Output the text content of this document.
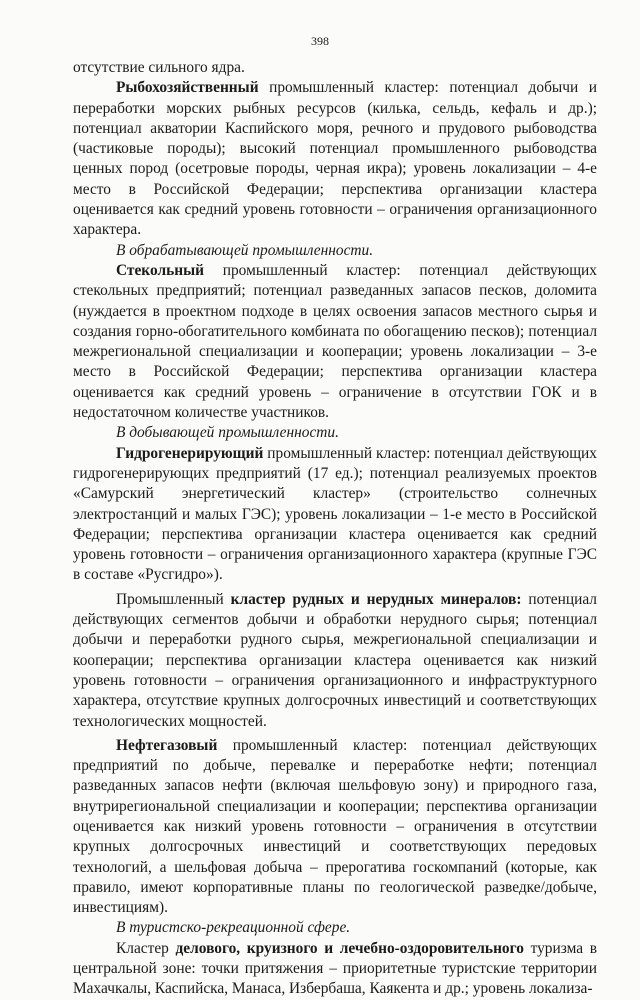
398

отсутствие сильного ядра.

Рыбохозяйственный промышленный кластер: потенциал добычи и переработки морских рыбных ресурсов (килька, сельдь, кефаль и др.); потенциал акватории Каспийского моря, речного и прудового рыбоводства (частиковые породы); высокий потенциал промышленного рыбоводства ценных пород (осетровые породы, черная икра); уровень локализации – 4-е место в Российской Федерации; перспектива организации кластера оценивается как средний уровень готовности – ограничения организационного характера.

В обрабатывающей промышленности.

Стекольный промышленный кластер: потенциал действующих стекольных предприятий; потенциал разведанных запасов песков, доломита (нуждается в проектном подходе в целях освоения запасов местного сырья и создания горно-обогатительного комбината по обогащению песков); потенциал межрегиональной специализации и кооперации; уровень локализации – 3-е место в Российской Федерации; перспектива организации кластера оценивается как средний уровень – ограничение в отсутствии ГОК и в недостаточном количестве участников.

В добывающей промышленности.

Гидрогенерирующий промышленный кластер: потенциал действующих гидрогенерирующих предприятий (17 ед.); потенциал реализуемых проектов «Самурский энергетический кластер» (строительство солнечных электростанций и малых ГЭС); уровень локализации – 1-е место в Российской Федерации; перспектива организации кластера оценивается как средний уровень готовности – ограничения организационного характера (крупные ГЭС в составе «Русгидро»).

Промышленный кластер рудных и нерудных минералов: потенциал действующих сегментов добычи и обработки нерудного сырья; потенциал добычи и переработки рудного сырья, межрегиональной специализации и кооперации; перспектива организации кластера оценивается как низкий уровень готовности – ограничения организационного и инфраструктурного характера, отсутствие крупных долгосрочных инвестиций и соответствующих технологических мощностей.

Нефтегазовый промышленный кластер: потенциал действующих предприятий по добыче, перевалке и переработке нефти; потенциал разведанных запасов нефти (включая шельфовую зону) и природного газа, внутрирегиональной специализации и кооперации; перспектива организации оценивается как низкий уровень готовности – ограничения в отсутствии крупных долгосрочных инвестиций и соответствующих передовых технологий, а шельфовая добыча – прерогатива госкомпаний (которые, как правило, имеют корпоративные планы по геологической разведке/добыче, инвестициям).

В туристско-рекреационной сфере.

Кластер делового, круизного и лечебно-оздоровительного туризма в центральной зоне: точки притяжения – приоритетные туристские территории Махачкалы, Каспийска, Манаса, Избербаша, Каякента и др.; уровень локализа-
